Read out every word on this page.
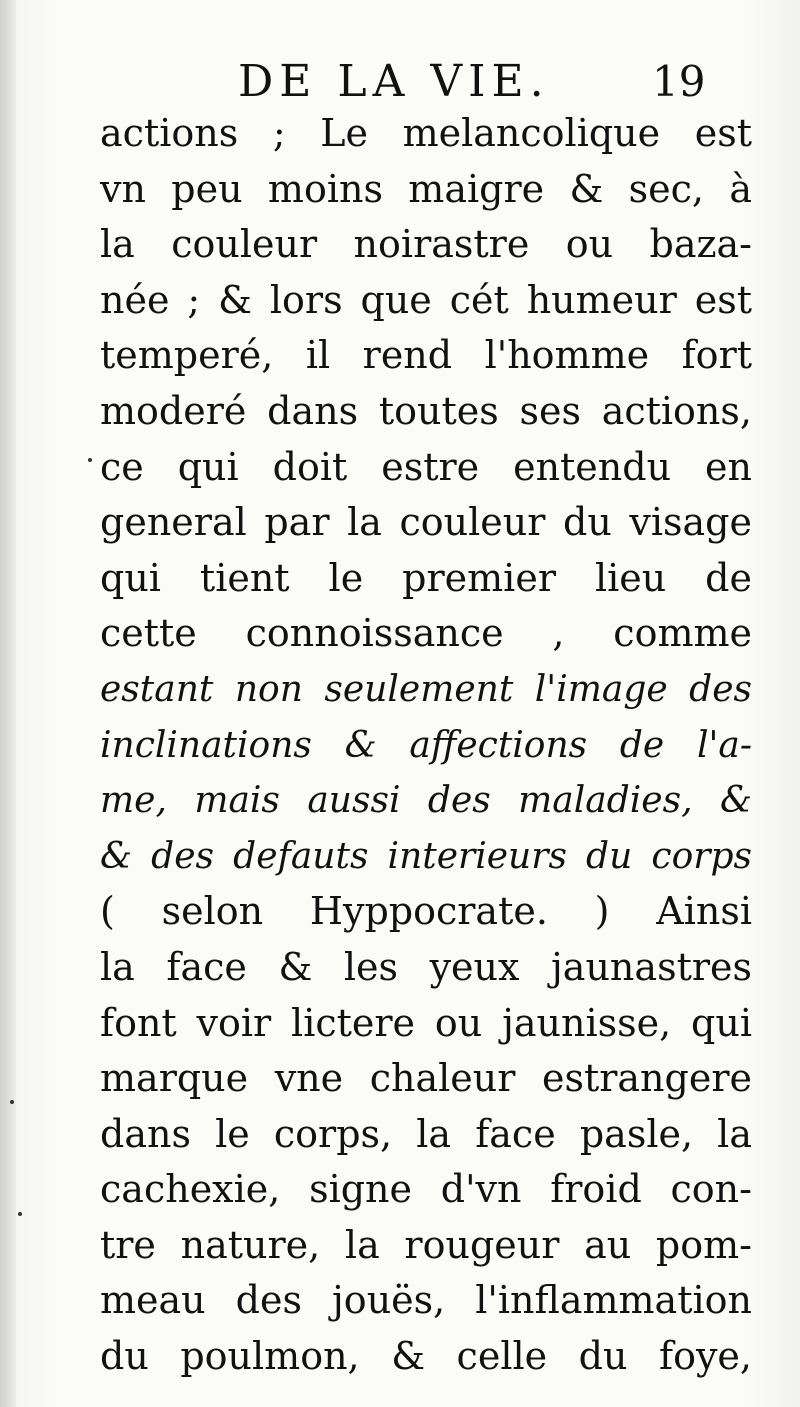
DE LA VIE. 19
actions ; Le melancolique est
vn peu moins maigre & sec, à
la couleur noirastre ou baza-
née ; & lors que cét humeur est
temperé, il rend l'homme fort
moderé dans toutes ses actions,
ce qui doit estre entendu en
general par la couleur du visage
qui tient le premier lieu de
cette connoissance , comme
estant non seulement l'image des
inclinations & affections de l'a-
me, mais aussi des maladies, &
& des defauts interieurs du corps
( selon Hyppocrate. ) Ainsi
la face & les yeux jaunastres
font voir lictere ou jaunisse, qui
marque vne chaleur estrangere
dans le corps, la face pasle, la
cachexie, signe d'vn froid con-
tre nature, la rougeur au pom-
meau des jouës, l'inflammation
du poulmon, & celle du foye,
